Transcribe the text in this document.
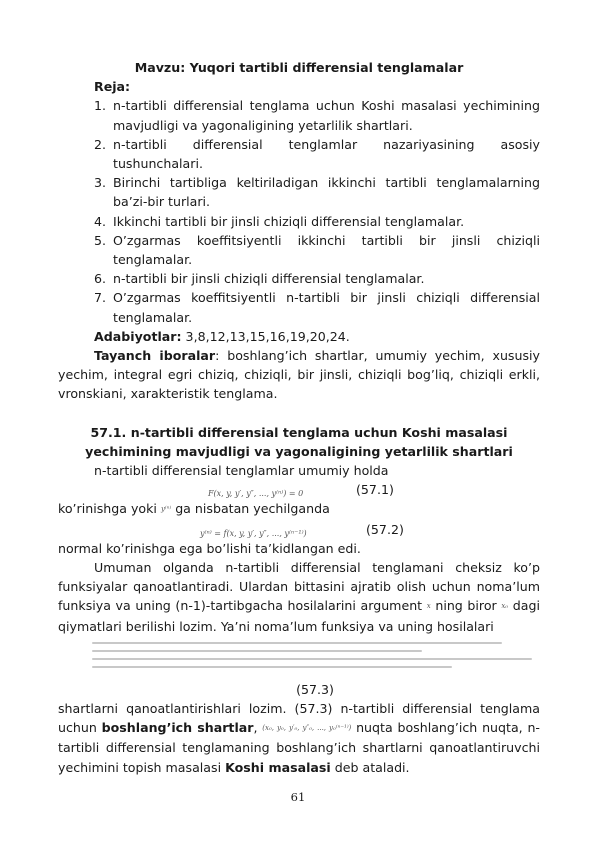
Mavzu: Yuqori tartibli differensial tenglamalar
Reja:
1. n-tartibli differensial tenglama uchun Koshi masalasi yechimining mavjudligi va yagonaligining yetarlilik shartlari.
2. n-tartibli differensial tenglamlar nazariyasining asosiy tushunchalari.
3. Birinchi tartibliga keltiriladigan ikkinchi tartibli tenglamalarning ba’zi-bir turlari.
4. Ikkinchi tartibli bir jinsli chiziqli differensial tenglamalar.
5. O’zgarmas koeffitsiyentli ikkinchi tartibli bir jinsli chiziqli tenglamalar.
6. n-tartibli bir jinsli chiziqli differensial tenglamalar.
7. O’zgarmas koeffitsiyentli n-tartibli bir jinsli chiziqli differensial tenglamalar.
Adabiyotlar: 3,8,12,13,15,16,19,20,24.
Tayanch iboralar: boshlang’ich shartlar, umumiy yechim, xususiy yechim, integral egri chiziq, chiziqli, bir jinsli, chiziqli bog’liq, chiziqli erkli, vronskiani, xarakteristik tenglama.
57.1. n-tartibli differensial tenglama uchun Koshi masalasi
yechimining mavjudligi va yagonaligining yetarlilik shartlari
n-tartibli differensial tenglamlar umumiy holda
F(x, y, y′, y″, ..., y⁽ⁿ⁾) = 0	(57.1)
ko’rinishga yoki y⁽ⁿ⁾ ga nisbatan yechilganda
y⁽ⁿ⁾ = f(x, y, y′, y″, ..., y⁽ⁿ⁻¹⁾)	(57.2)
normal ko’rinishga ega bo’lishi ta’kidlangan edi.
Umuman olganda n-tartibli differensial tenglamani cheksiz ko’p funksiyalar qanoatlantiradi. Ulardan bittasini ajratib olish uchun noma’lum funksiya va uning (n-1)-tartibgacha hosilalarini argument x ning biror x₀ dagi qiymatlari berilishi lozim. Ya’ni noma’lum funksiya va uning hosilalari
(57.3)
shartlarni qanoatlantirishlari lozim. (57.3) n-tartibli differensial tenglama uchun boshlang’ich shartlar, (x₀, y₀, y′₀, y″₀, ..., y₀⁽ⁿ⁻¹⁾) nuqta boshlang’ich nuqta, n-tartibli differensial tenglamaning boshlang’ich shartlarni qanoatlantiruvchi yechimini topish masalasi Koshi masalasi deb ataladi.
61
